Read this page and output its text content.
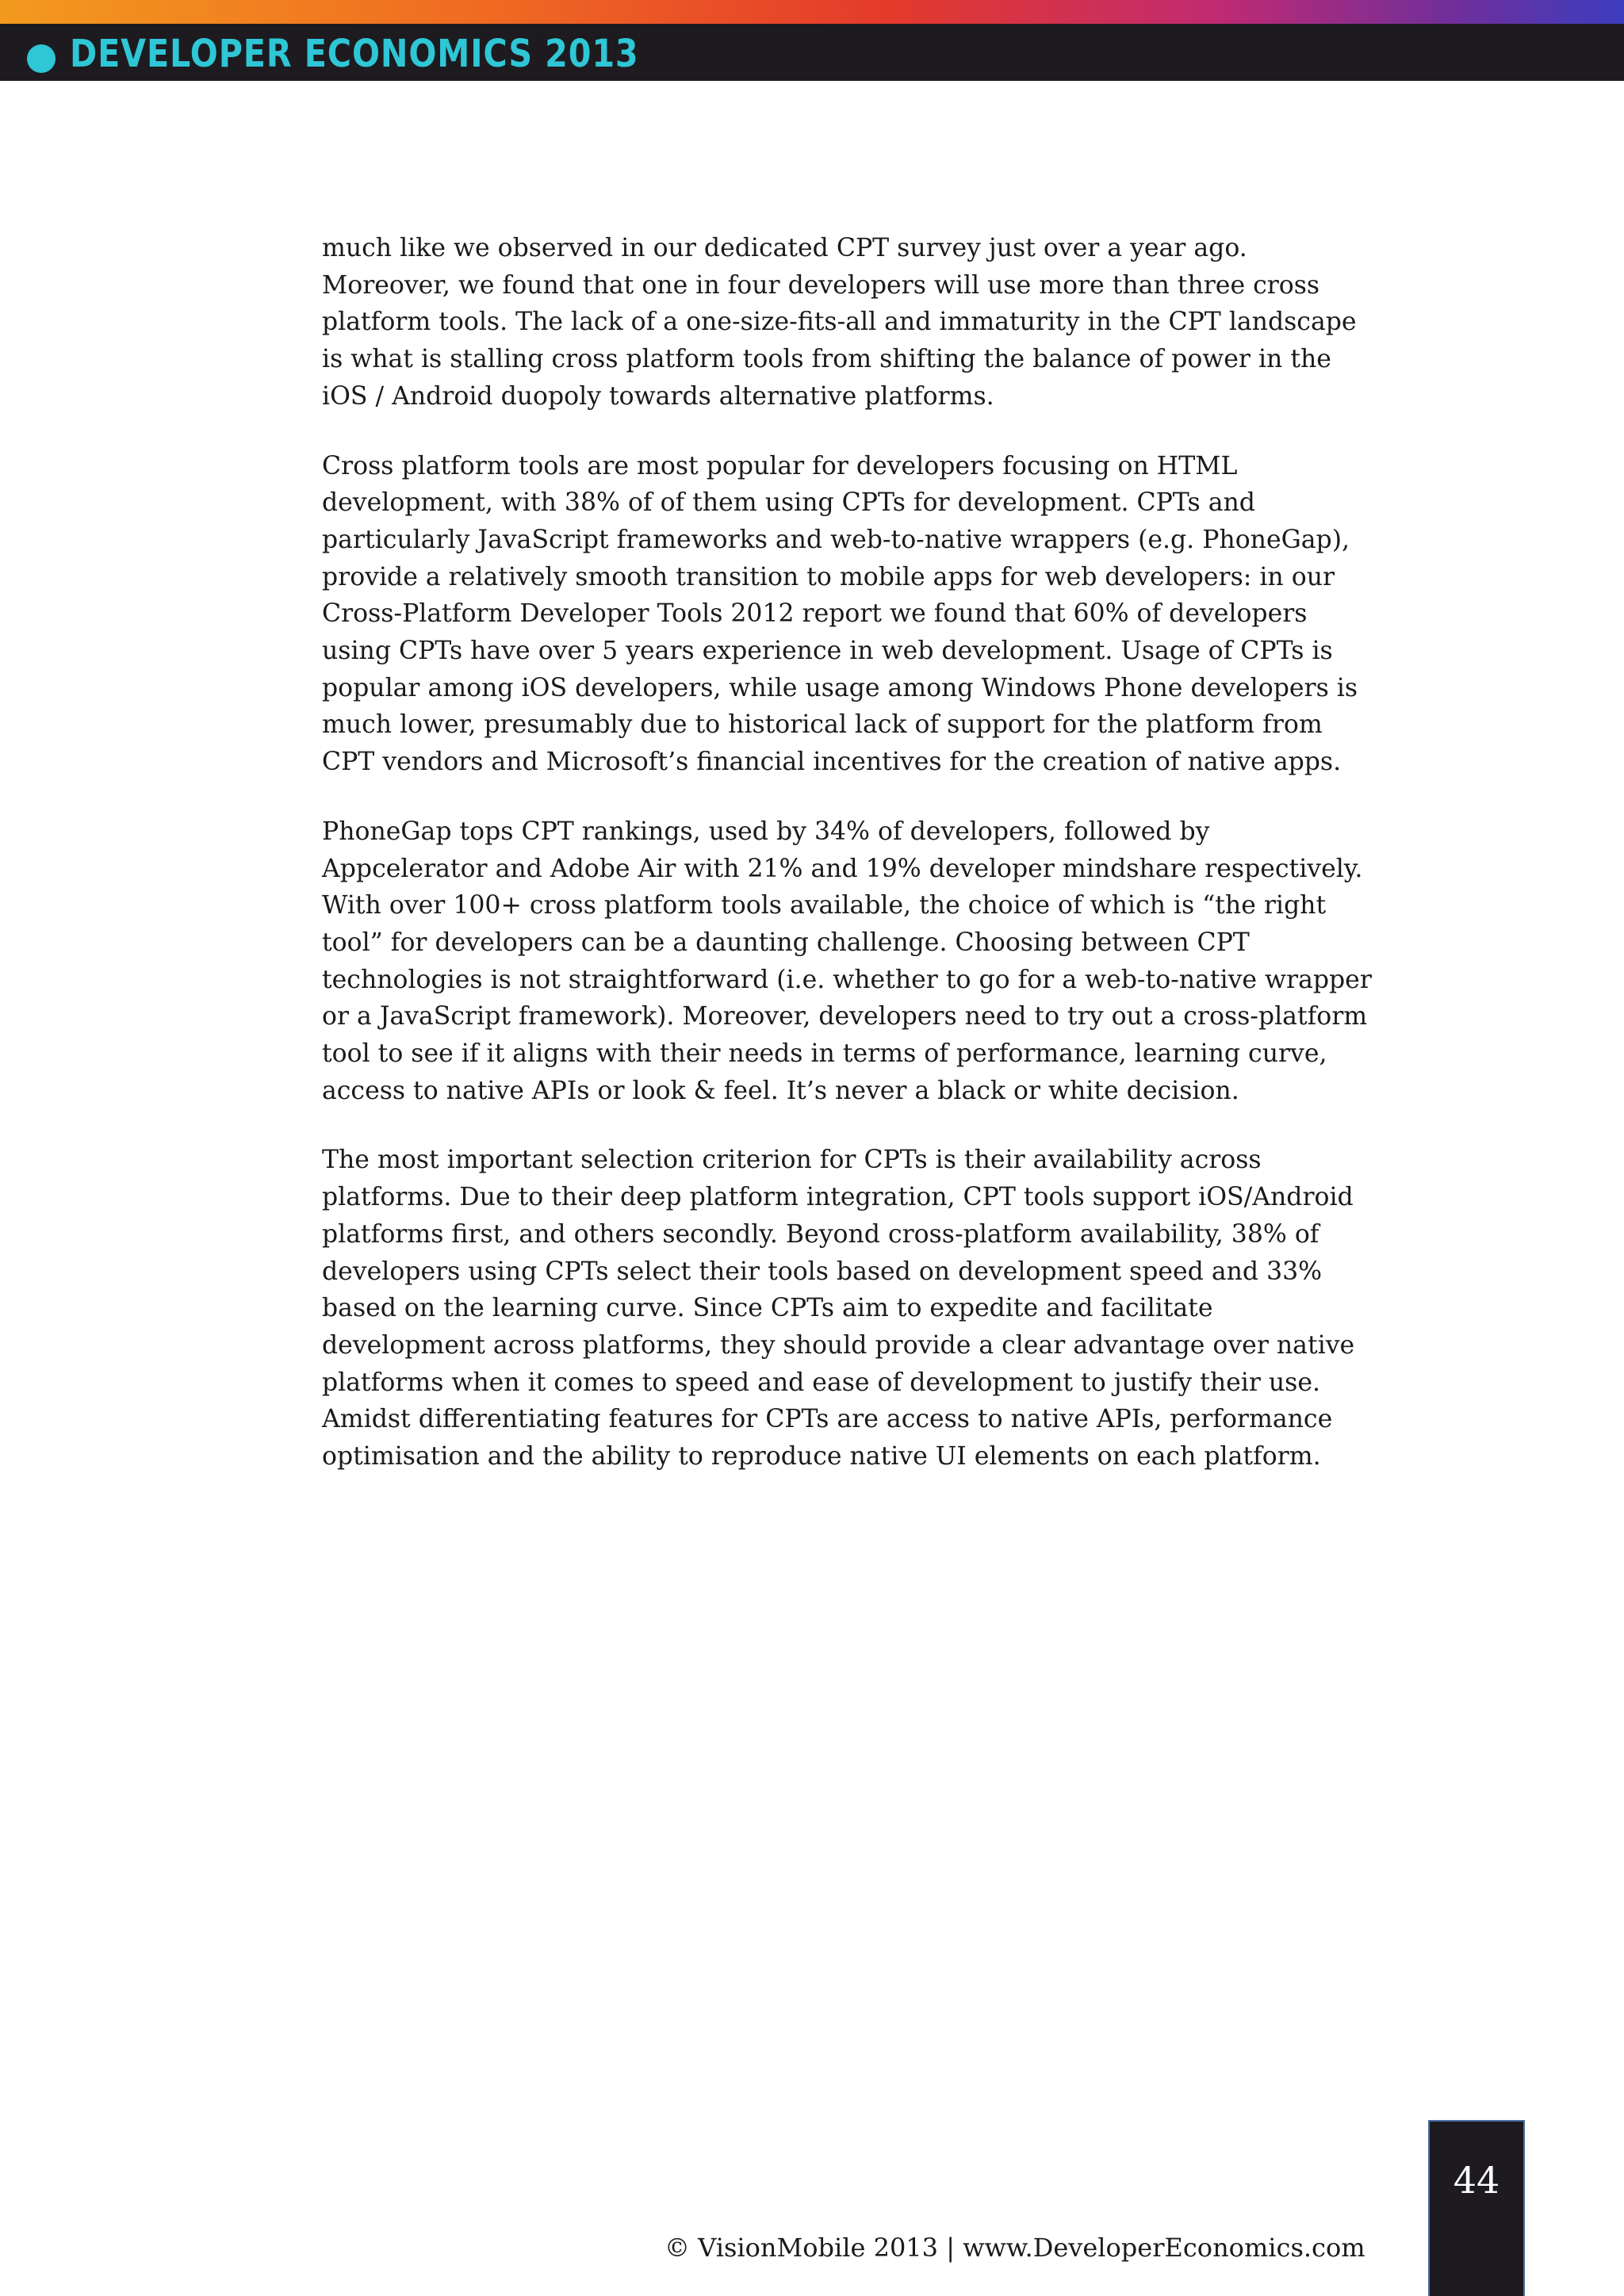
DEVELOPER ECONOMICS 2013

much like we observed in our dedicated CPT survey just over a year ago. Moreover, we found that one in four developers will use more than three cross platform tools. The lack of a one-size-fits-all and immaturity in the CPT landscape is what is stalling cross platform tools from shifting the balance of power in the iOS / Android duopoly towards alternative platforms.

Cross platform tools are most popular for developers focusing on HTML development, with 38% of of them using CPTs for development. CPTs and particularly JavaScript frameworks and web-to-native wrappers (e.g. PhoneGap), provide a relatively smooth transition to mobile apps for web developers: in our Cross-Platform Developer Tools 2012 report we found that 60% of developers using CPTs have over 5 years experience in web development. Usage of CPTs is popular among iOS developers, while usage among Windows Phone developers is much lower, presumably due to historical lack of support for the platform from CPT vendors and Microsoft’s financial incentives for the creation of native apps.

PhoneGap tops CPT rankings, used by 34% of developers, followed by Appcelerator and Adobe Air with 21% and 19% developer mindshare respectively. With over 100+ cross platform tools available, the choice of which is “the right tool” for developers can be a daunting challenge. Choosing between CPT technologies is not straightforward (i.e. whether to go for a web-to-native wrapper or a JavaScript framework). Moreover, developers need to try out a cross-platform tool to see if it aligns with their needs in terms of performance, learning curve, access to native APIs or look & feel. It’s never a black or white decision.

The most important selection criterion for CPTs is their availability across platforms. Due to their deep platform integration, CPT tools support iOS/Android platforms first, and others secondly. Beyond cross-platform availability, 38% of developers using CPTs select their tools based on development speed and 33% based on the learning curve. Since CPTs aim to expedite and facilitate development across platforms, they should provide a clear advantage over native platforms when it comes to speed and ease of development to justify their use. Amidst differentiating features for CPTs are access to native APIs, performance optimisation and the ability to reproduce native UI elements on each platform.

44
© VisionMobile 2013 | www.DeveloperEconomics.com
